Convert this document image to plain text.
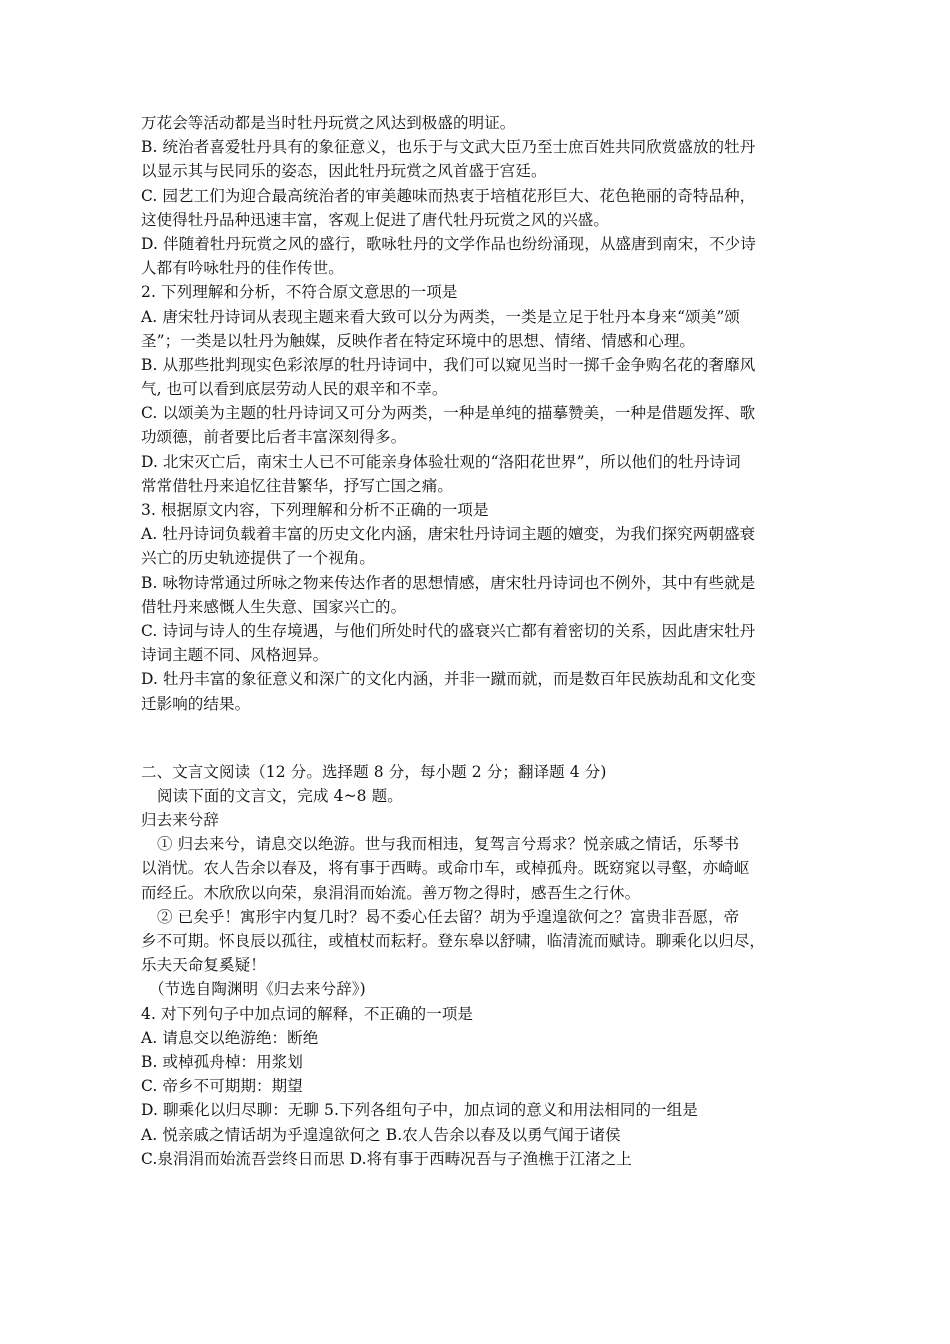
万花会等活动都是当时牡丹玩赏之风达到极盛的明证。
B. 统治者喜爱牡丹具有的象征意义，也乐于与文武大臣乃至士庶百姓共同欣赏盛放的牡丹
以显示其与民同乐的姿态，因此牡丹玩赏之风首盛于宫廷。
C. 园艺工们为迎合最高统治者的审美趣味而热衷于培植花形巨大、花色艳丽的奇特品种，
这使得牡丹品种迅速丰富，客观上促进了唐代牡丹玩赏之风的兴盛。
D. 伴随着牡丹玩赏之风的盛行，歌咏牡丹的文学作品也纷纷涌现，从盛唐到南宋，不少诗
人都有吟咏牡丹的佳作传世。
2. 下列理解和分析，不符合原文意思的一项是
A. 唐宋牡丹诗词从表现主题来看大致可以分为两类，一类是立足于牡丹本身来“颂美”颂
圣”；一类是以牡丹为触媒，反映作者在特定环境中的思想、情绪、情感和心理。
B. 从那些批判现实色彩浓厚的牡丹诗词中，我们可以窥见当时一掷千金争购名花的奢靡风
气, 也可以看到底层劳动人民的艰辛和不幸。
C. 以颂美为主题的牡丹诗词又可分为两类，一种是单纯的描摹赞美，一种是借题发挥、歌
功颂德，前者要比后者丰富深刻得多。
D. 北宋灭亡后，南宋士人已不可能亲身体验壮观的“洛阳花世界”，所以他们的牡丹诗词
常常借牡丹来追忆往昔繁华，抒写亡国之痛。
3. 根据原文内容，下列理解和分析不正确的一项是
A. 牡丹诗词负载着丰富的历史文化内涵，唐宋牡丹诗词主题的嬗变，为我们探究两朝盛衰
兴亡的历史轨迹提供了一个视角。
B. 咏物诗常通过所咏之物来传达作者的思想情感，唐宋牡丹诗词也不例外，其中有些就是
借牡丹来感慨人生失意、国家兴亡的。
C. 诗词与诗人的生存境遇，与他们所处时代的盛衰兴亡都有着密切的关系，因此唐宋牡丹
诗词主题不同、风格迥异。
D. 牡丹丰富的象征意义和深广的文化内涵，并非一蹴而就，而是数百年民族劫乱和文化变
迁影响的结果。
二、文言文阅读（12 分。选择题 8 分，每小题 2 分；翻译题 4 分)
阅读下面的文言文，完成 4~8 题。
归去来兮辞
① 归去来兮，请息交以绝游。世与我而相违，复驾言兮焉求？悦亲戚之情话，乐琴书
以消忧。农人告余以春及，将有事于西畴。或命巾车，或棹孤舟。既窈窕以寻壑，亦崎岖
而经丘。木欣欣以向荣，泉涓涓而始流。善万物之得时，感吾生之行休。
② 已矣乎！寓形宇内复几时？曷不委心任去留？胡为乎遑遑欲何之？富贵非吾愿，帝
乡不可期。怀良辰以孤往，或植杖而耘耔。登东皋以舒啸，临清流而赋诗。聊乘化以归尽，
乐夫天命复奚疑！
（节选自陶渊明《归去来兮辞》)
4. 对下列句子中加点词的解释，不正确的一项是
A. 请息交以绝游绝：断绝
B. 或棹孤舟棹：用浆划
C. 帝乡不可期期：期望
D. 聊乘化以归尽聊：无聊 5.下列各组句子中，加点词的意义和用法相同的一组是
A. 悦亲戚之情话胡为乎遑遑欲何之 B.农人告余以春及以勇气闻于诸侯
C.泉涓涓而始流吾尝终日而思 D.将有事于西畴况吾与子渔樵于江渚之上
